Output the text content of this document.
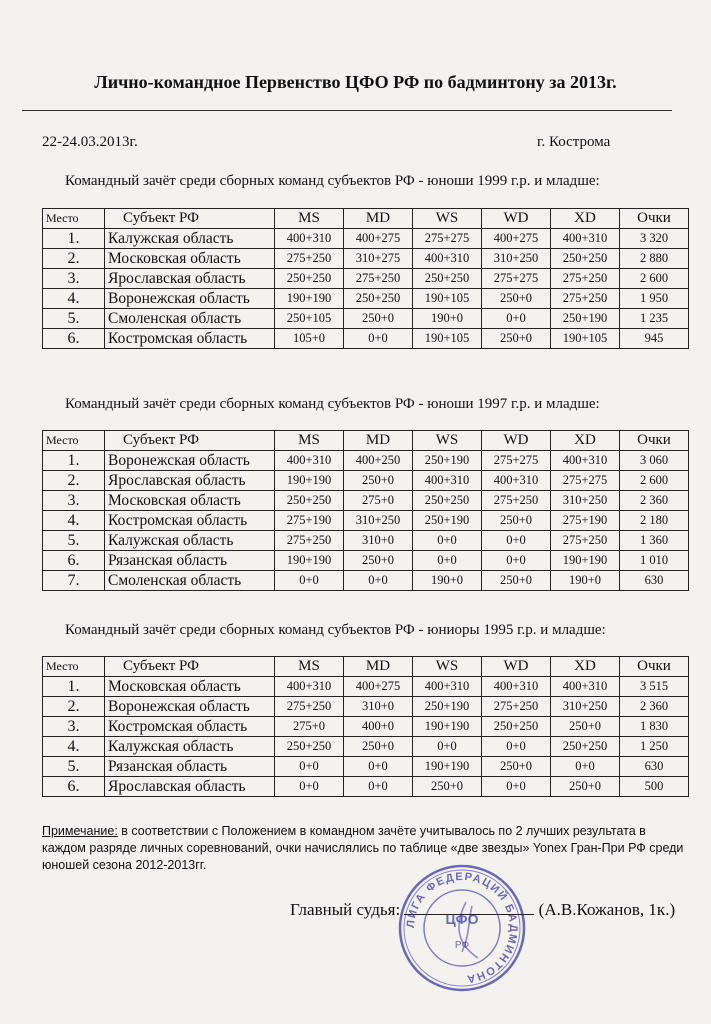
Лично-командное Первенство ЦФО РФ по бадминтону за 2013г.
22-24.03.2013г.	г. Кострома
Командный зачёт среди сборных команд субъектов РФ - юноши 1999 г.р. и младше:
Место	Субъект РФ	MS	MD	WS	WD	XD	Очки
1.	Калужская область	400+310	400+275	275+275	400+275	400+310	3 320
2.	Московская область	275+250	310+275	400+310	310+250	250+250	2 880
3.	Ярославская область	250+250	275+250	250+250	275+275	275+250	2 600
4.	Воронежская область	190+190	250+250	190+105	250+0	275+250	1 950
5.	Смоленская область	250+105	250+0	190+0	0+0	250+190	1 235
6.	Костромская область	105+0	0+0	190+105	250+0	190+105	945
Командный зачёт среди сборных команд субъектов РФ - юноши 1997 г.р. и младше:
Место	Субъект РФ	MS	MD	WS	WD	XD	Очки
1.	Воронежская область	400+310	400+250	250+190	275+275	400+310	3 060
2.	Ярославская область	190+190	250+0	400+310	400+310	275+275	2 600
3.	Московская область	250+250	275+0	250+250	275+250	310+250	2 360
4.	Костромская область	275+190	310+250	250+190	250+0	275+190	2 180
5.	Калужская область	275+250	310+0	0+0	0+0	275+250	1 360
6.	Рязанская область	190+190	250+0	0+0	0+0	190+190	1 010
7.	Смоленская область	0+0	0+0	190+0	250+0	190+0	630
Командный зачёт среди сборных команд субъектов РФ - юниоры 1995 г.р. и младше:
Место	Субъект РФ	MS	MD	WS	WD	XD	Очки
1.	Московская область	400+310	400+275	400+310	400+310	400+310	3 515
2.	Воронежская область	275+250	310+0	250+190	275+250	310+250	2 360
3.	Костромская область	275+0	400+0	190+190	250+250	250+0	1 830
4.	Калужская область	250+250	250+0	0+0	0+0	250+250	1 250
5.	Рязанская область	0+0	0+0	190+190	250+0	0+0	630
6.	Ярославская область	0+0	0+0	250+0	0+0	250+0	500
Примечание: в соответствии с Положением в командном зачёте учитывалось по 2 лучших результата в каждом разряде личных соревнований, очки начислялись по таблице «две звезды» Yonex Гран-При РФ среди юношей сезона 2012-2013гг.
ЛИГА ФЕДЕРАЦИЙ БАДМИНТОНА
ЦФО
РФ
Главный судья:	(А.В.Кожанов, 1к.)
